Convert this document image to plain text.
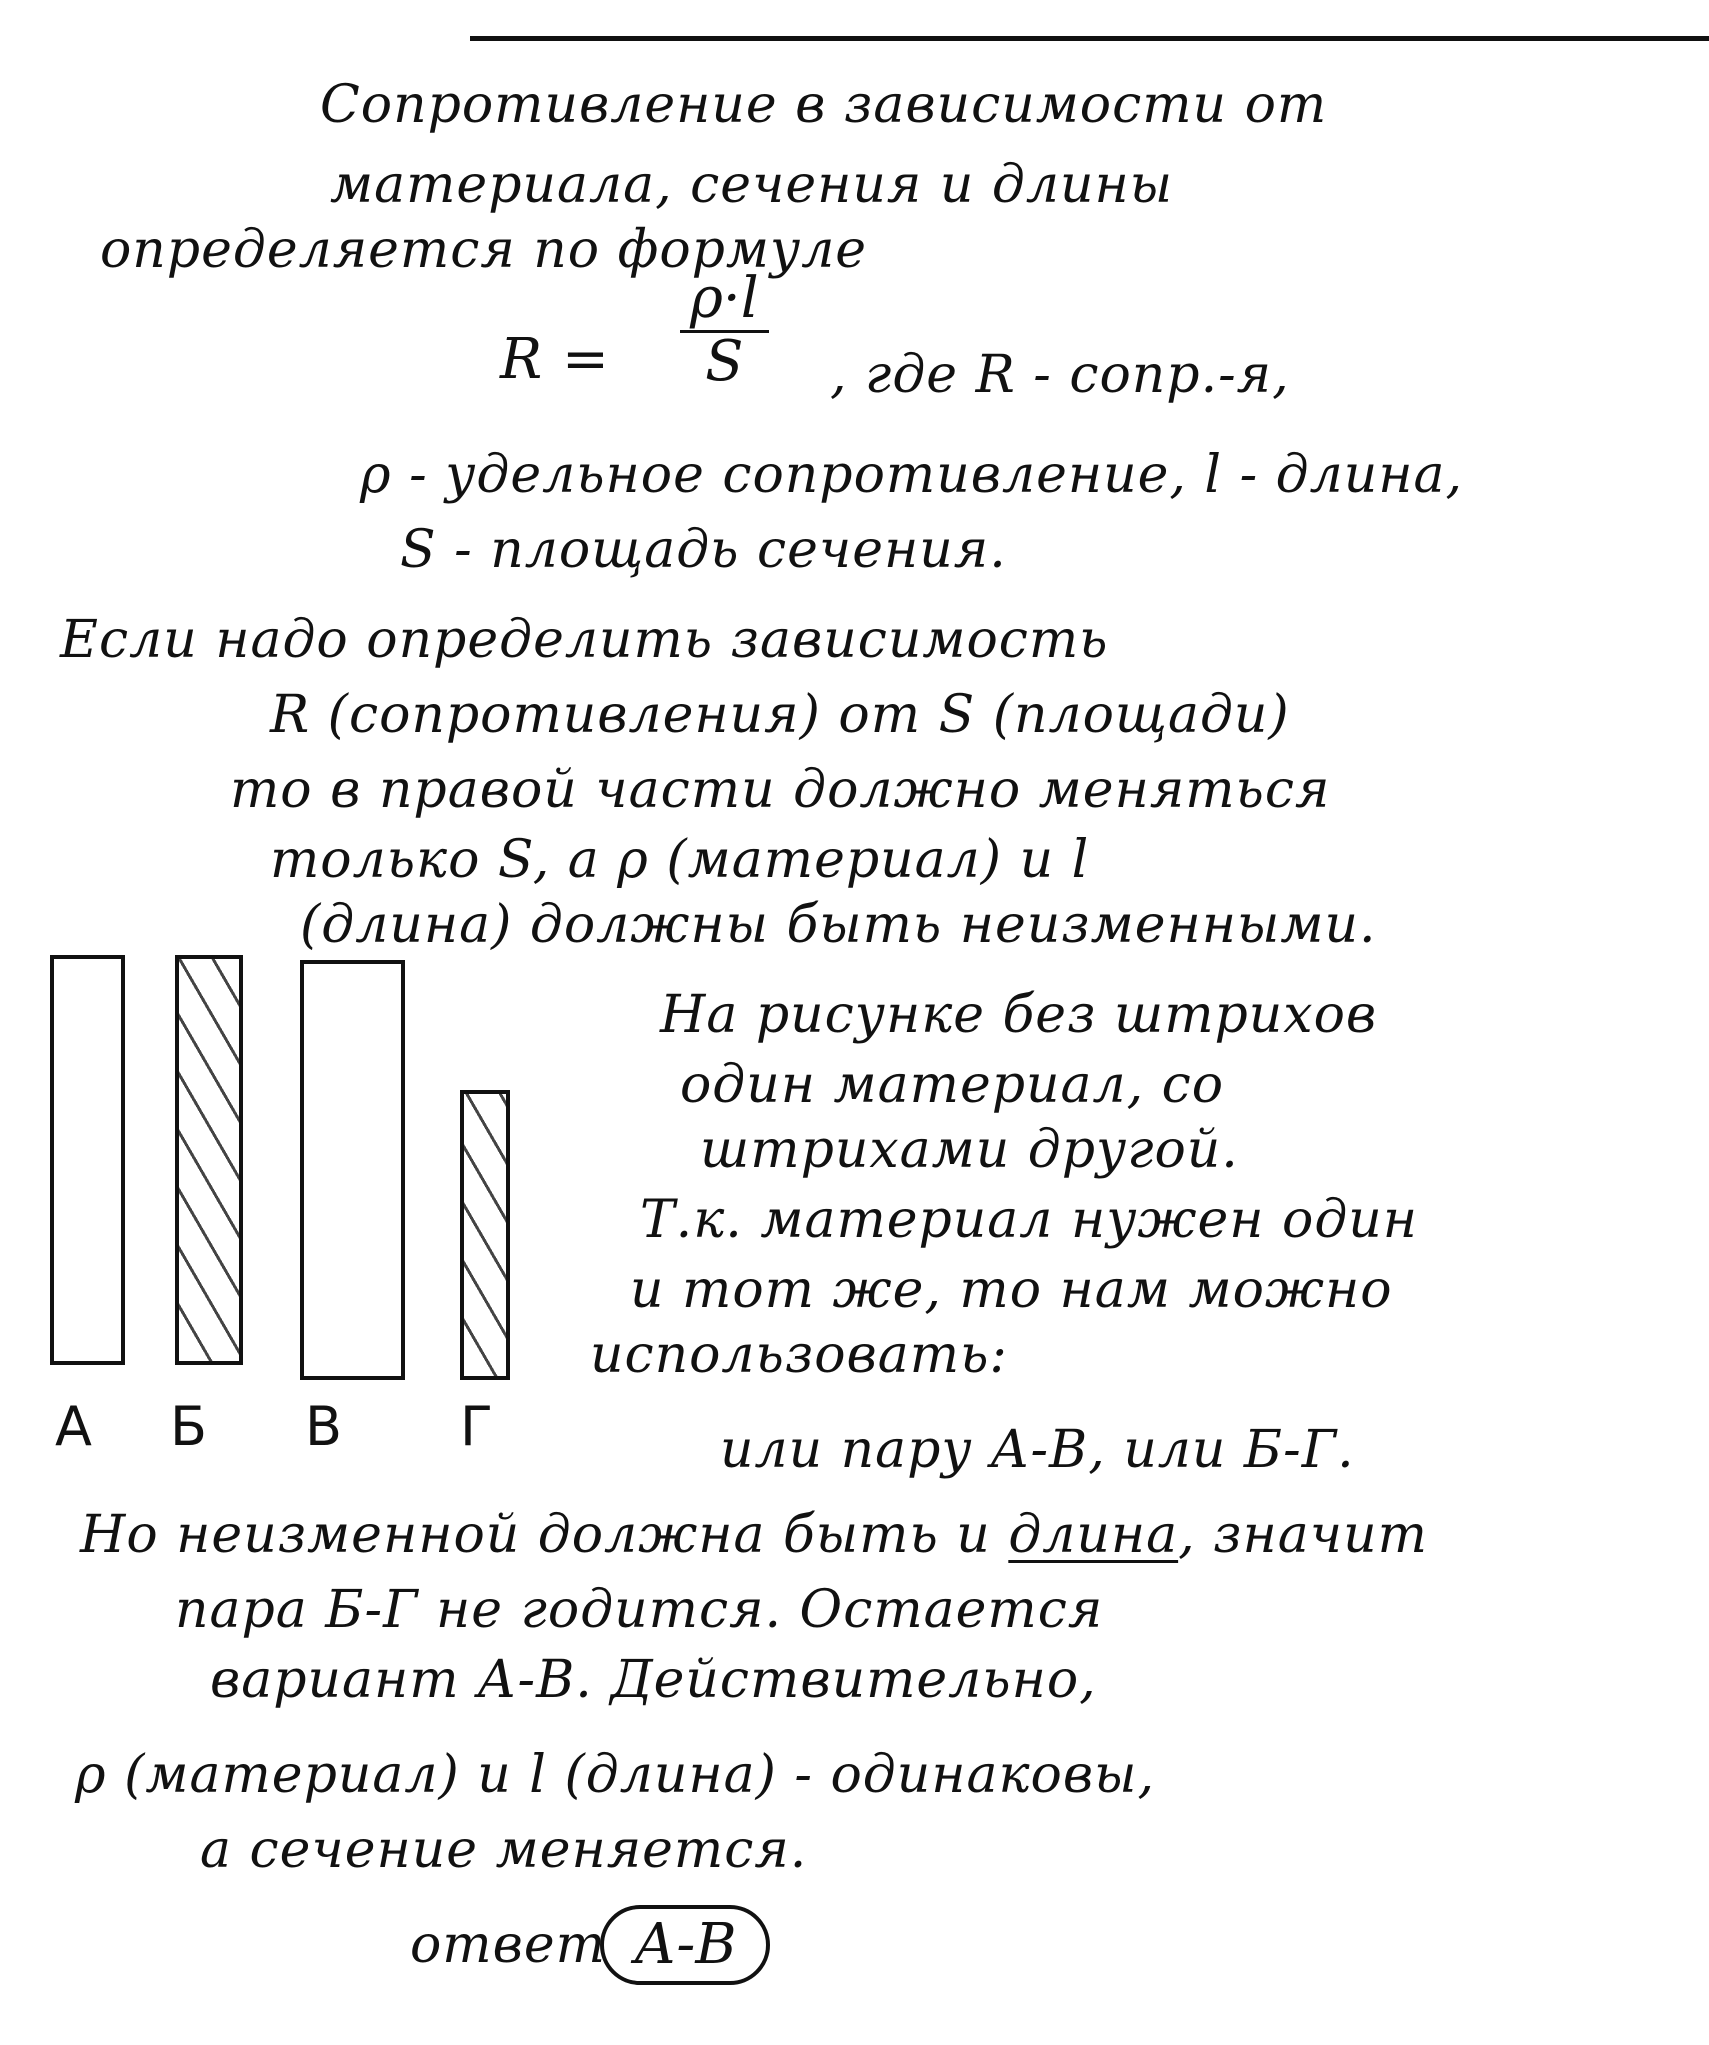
Сопротивление в зависимости от
материала, сечения и длины
определяется по формуле
$R = \frac{\rho\cdot l}{S}$ , где R - сопр.-я,
ρ - удельное сопротивление, l - длина,
S - площадь сечения.
Если надо определить зависимость
R (сопротивления) от S (площади)
то в правой части должно меняться
только S, а ρ (материал) и l
(длина) должны быть неизменными.
А Б В Г
На рисунке без штрихов
один материал, со
штрихами другой.
Т.к. материал нужен один
и тот же, то нам можно
использовать:
или пару А-В, или Б-Г.
Но неизменной должна быть и длина, значит
пара Б-Г не годится. Остается
вариант А-В. Действительно,
ρ (материал) и l (длина) - одинаковы,
а сечение меняется.
ответ А-В
